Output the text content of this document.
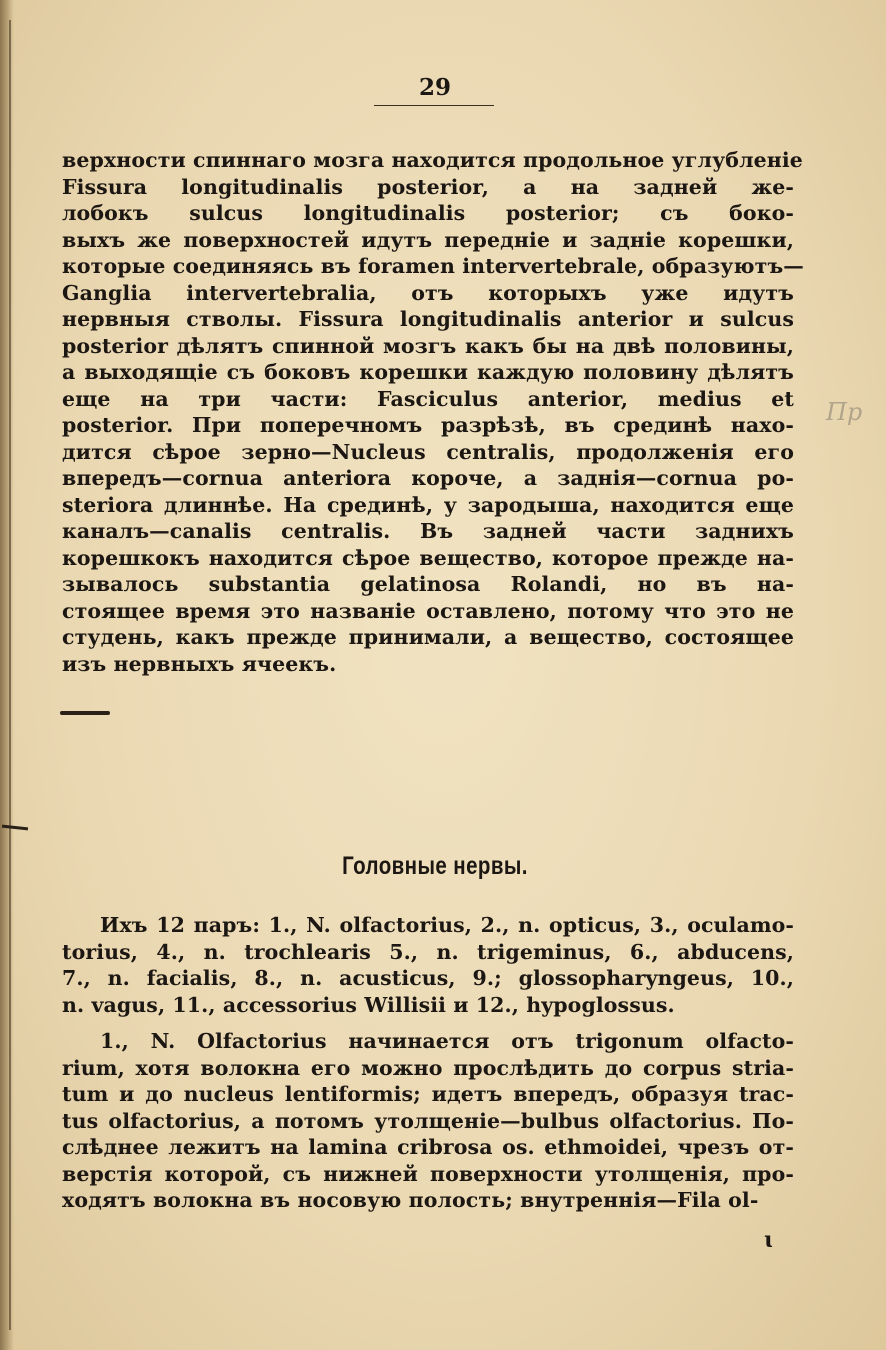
29
верхности спиннаго мозга находится продольное углубленiе
Fissura longitudinalis posterior, а на задней же-
лобокъ sulcus longitudinalis posterior; съ боко-
выхъ же поверхностей идутъ переднiе и заднiе корешки,
которые соединяясь въ foramen intervertebrale, образуютъ—
Gangliа intervertebralia, отъ которыхъ уже идутъ
нервныя стволы. Fissura longitudinalis anterior и sulcus
posterior дѣлятъ спинной мозгъ какъ бы на двѣ половины,
а выходящiе съ боковъ корешки каждую половину дѣлятъ
еще на три части: Fasciculus anterior, medius et
posterior. При поперечномъ разрѣзѣ, въ срединѣ нахо-
дится сѣрое зерно—Nucleus centralis, продолженiя его
впередъ—cornua anteriora короче, а заднiя—cornua po-
steriora длиннѣе. На срединѣ, у зародыша, находится еще
каналъ—canalis centralis. Въ задней части заднихъ
корешкокъ находится сѣрое вещество, которое прежде на-
зывалось substantia gelatinosa Rolandi, но въ на-
стоящее время это названiе оставлено, потому что это не
студень, какъ прежде принимали, а вещество, состоящее
изъ нервныхъ ячеекъ.
Головные нервы.
Ихъ 12 паръ: 1., N. olfactorius, 2., n. opticus, 3., oculamo-
torius, 4., n. trochlearis 5., n. trigeminus, 6., abducens,
7., n. facialis, 8., n. acusticus, 9.; glossopharyngeus, 10.,
n. vagus, 11., accessorius Willisii и 12., hypoglossus.
1., N. Olfactorius начинается отъ trigonum olfacto-
rium, хотя волокна его можно прослѣдить до corpus stria-
tum и до nucleus lentiformis; идетъ впередъ, образуя trac-
tus olfactorius, а потомъ утолщенiе—bulbus olfactorius. По-
слѣднее лежитъ на lamina cribrosa os. ethmoidei, чрезъ от-
верстiя которой, съ нижней поверхности утолщенiя, про-
ходятъ волокна въ носовую полость; внутреннiя—Fila ol-
Пр
ɩ
